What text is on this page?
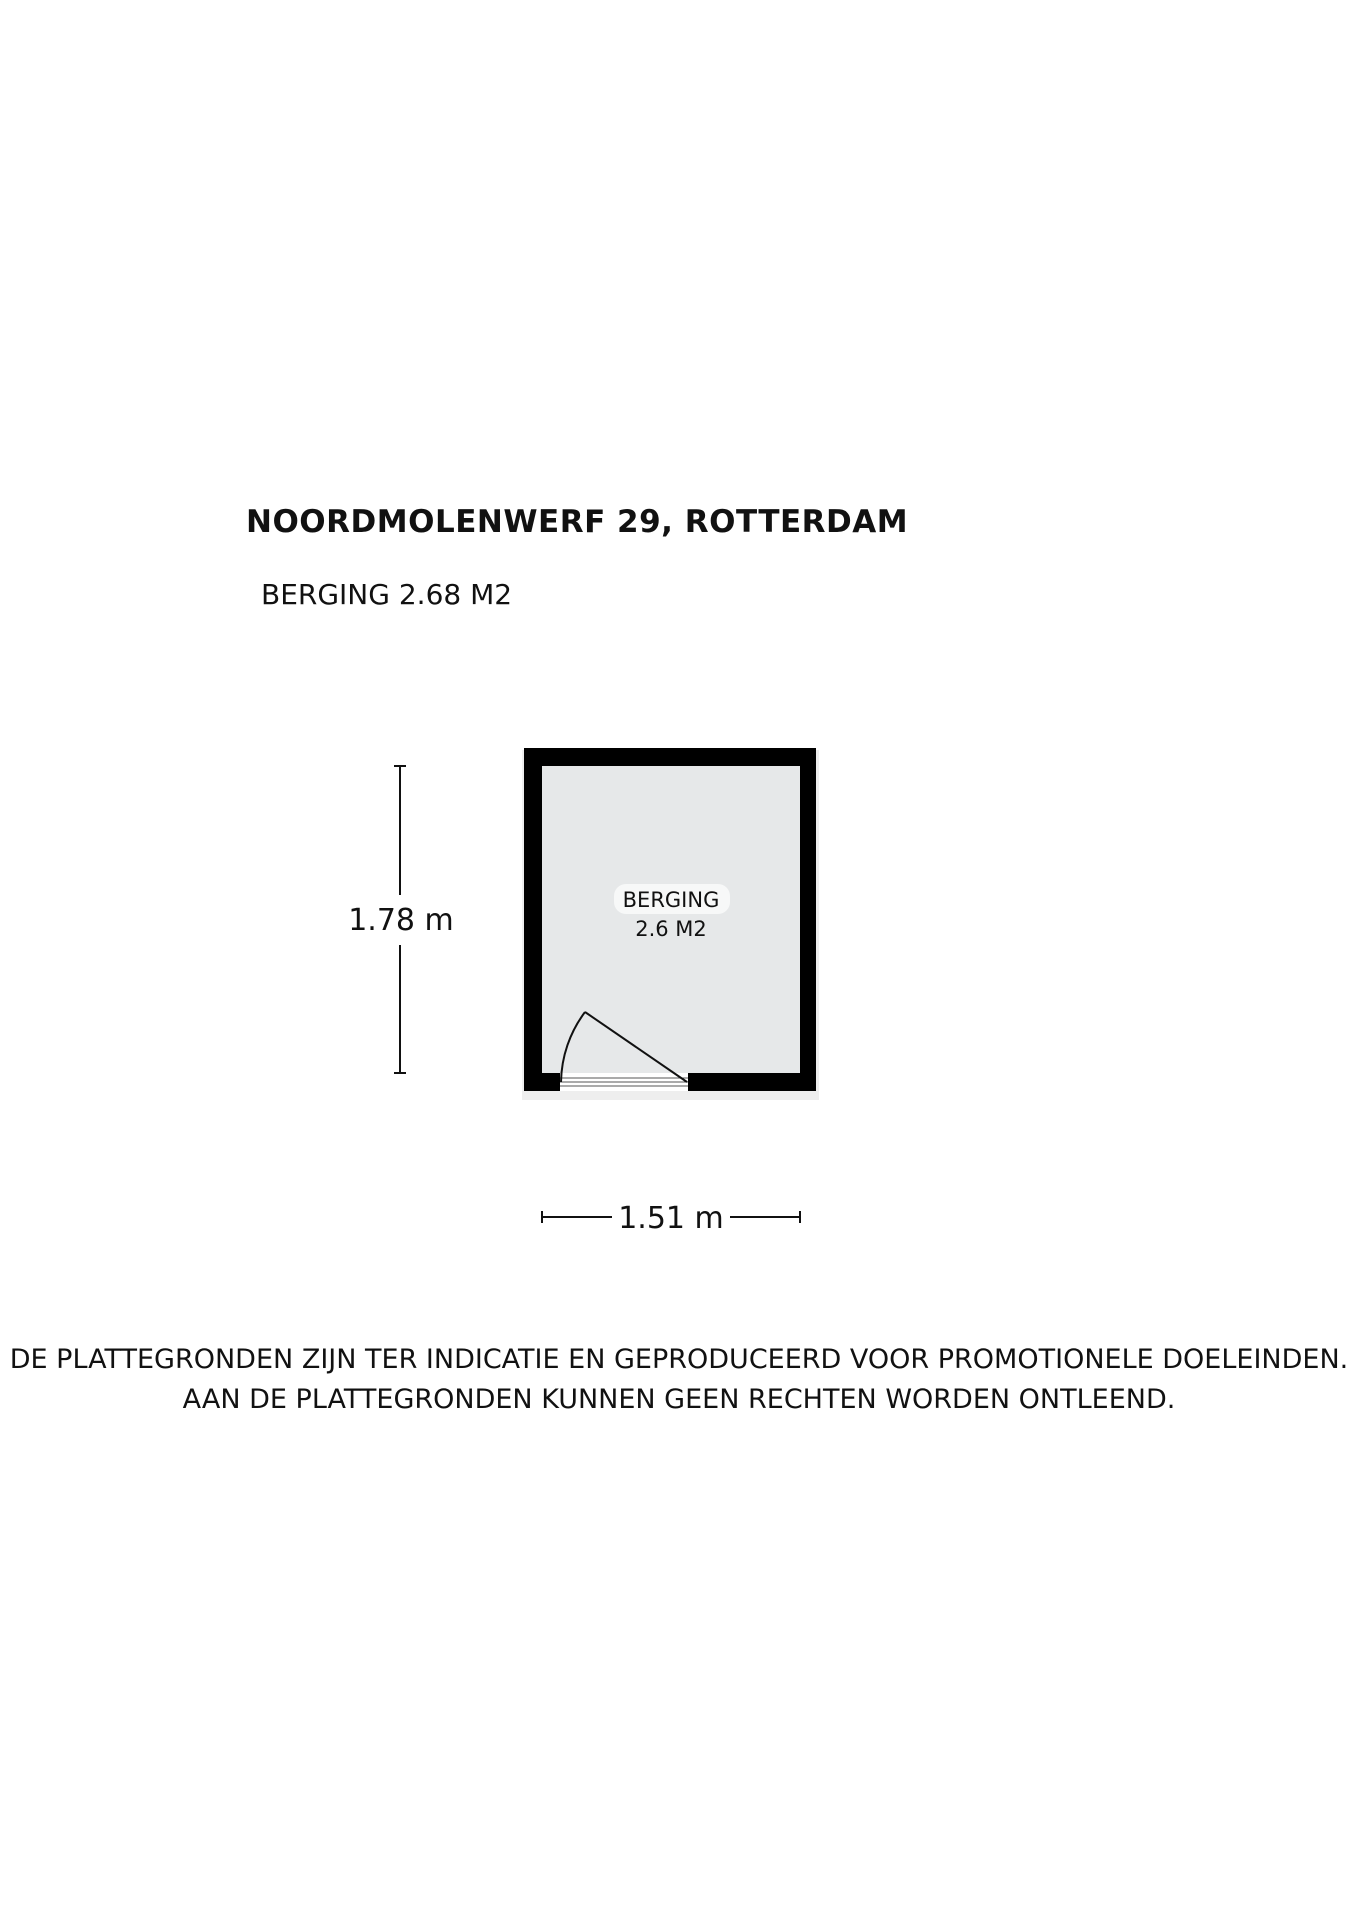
NOORDMOLENWERF 29, ROTTERDAM
BERGING 2.68 M2
BERGING
2.6 M2
1.78 m
1.51 m
DE PLATTEGRONDEN ZIJN TER INDICATIE EN GEPRODUCEERD VOOR PROMOTIONELE DOELEINDEN.
AAN DE PLATTEGRONDEN KUNNEN GEEN RECHTEN WORDEN ONTLEEND.
